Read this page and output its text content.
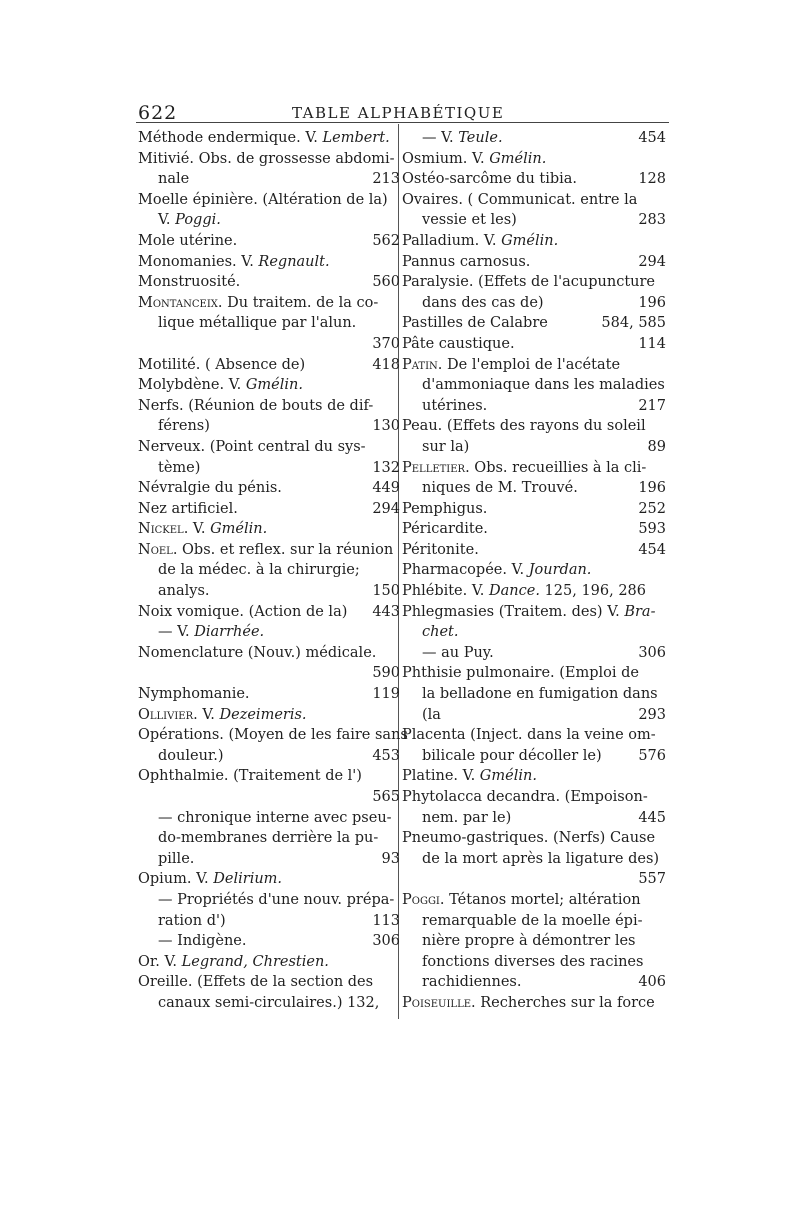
622	TABLE ALPHABÉTIQUE
Méthode endermique. V. Lembert.
Mitivié. Obs. de grossesse abdomi-
nale	213
Moelle épinière. (Altération de la)
V. Poggi.
Mole utérine.	562
Monomanies. V. Regnault.
Monstruosité.	560
Montanceix. Du traitem. de la co-
lique métallique par l'alun.
370
Motilité. ( Absence de)	418
Molybdène. V. Gmélin.
Nerfs. (Réunion de bouts de dif-
férens)	130
Nerveux. (Point central du sys-
tème)	132
Névralgie du pénis.	449
Nez artificiel.	294
Nickel. V. Gmélin.
Noel. Obs. et reflex. sur la réunion
de la médec. à la chirurgie;
analys.	150
Noix vomique. (Action de la) 443
— V. Diarrhée.
Nomenclature (Nouv.) médicale.
590
Nymphomanie.	119
Ollivier. V. Dezeimeris.
Opérations. (Moyen de les faire sans
douleur.)	453
Ophthalmie. (Traitement de l')
565
— chronique interne avec pseu-
do-membranes derrière la pu-
pille.	93
Opium. V. Delirium.
— Propriétés d'une nouv. prépa-
ration d')	113
— Indigène.	306
Or. V. Legrand, Chrestien.
Oreille. (Effets de la section des
canaux semi-circulaires.) 132,
— V. Teule.	454
Osmium. V. Gmélin.
Ostéo-sarcôme du tibia.	128
Ovaires. ( Communicat. entre la
vessie et les)	283
Palladium. V. Gmélin.
Pannus carnosus.	294
Paralysie. (Effets de l'acupuncture
dans des cas de)	196
Pastilles de Calabre	584, 585
Pâte caustique.	114
Patin. De l'emploi de l'acétate
d'ammoniaque dans les maladies
utérines.	217
Peau. (Effets des rayons du soleil
sur la)	89
Pelletier. Obs. recueillies à la cli-
niques de M. Trouvé.	196
Pemphigus.	252
Péricardite.	593
Péritonite.	454
Pharmacopée. V. Jourdan.
Phlébite. V. Dance. 125, 196, 286
Phlegmasies (Traitem. des) V. Bra-
chet.
— au Puy.	306
Phthisie pulmonaire. (Emploi de
la belladone en fumigation dans
(la	293
Placenta (Inject. dans la veine om-
bilicale pour décoller le)	576
Platine. V. Gmélin.
Phytolacca decandra. (Empoison-
nem. par le)	445
Pneumo-gastriques. (Nerfs) Cause
de la mort après la ligature des)
557
Poggi. Tétanos mortel; altération
remarquable de la moelle épi-
nière propre à démontrer les
fonctions diverses des racines
rachidiennes.	406
Poiseuille. Recherches sur la force
